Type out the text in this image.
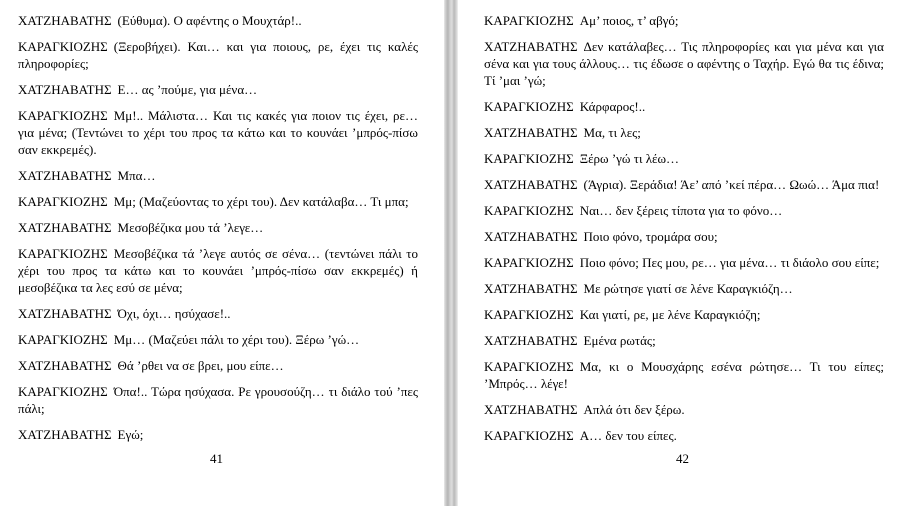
ΧΑΤΖΗΑΒΑΤΗΣ (Εύθυμα). Ο αφέντης ο Μουχτάρ!..

ΚΑΡΑΓΚΙΟΖΗΣ (Ξεροβήχει). Και… και για ποιους, ρε, έχει τις καλές πληροφορίες;

ΧΑΤΖΗΑΒΑΤΗΣ Ε… ας ’πούμε, για μένα…

ΚΑΡΑΓΚΙΟΖΗΣ Μμ!.. Μάλιστα… Και τις κακές για ποιον τις έχει, ρε… για μένα; (Τεντώνει το χέρι του προς τα κάτω και το κουνάει ’μπρός-πίσω σαν εκκρεμές).

ΧΑΤΖΗΑΒΑΤΗΣ Μπα…

ΚΑΡΑΓΚΙΟΖΗΣ Μμ; (Μαζεύοντας το χέρι του). Δεν κατάλαβα… Τι μπα;

ΧΑΤΖΗΑΒΑΤΗΣ Μεσοβέζικα μου τά ’λεγε…

ΚΑΡΑΓΚΙΟΖΗΣ Μεσοβέζικα τά ’λεγε αυτός σε σένα… (τεντώνει πάλι το χέρι του προς τα κάτω και το κουνάει ’μπρός-πίσω σαν εκκρεμές) ή μεσοβέζικα τα λες εσύ σε μένα;

ΧΑΤΖΗΑΒΑΤΗΣ Όχι, όχι… ησύχασε!..

ΚΑΡΑΓΚΙΟΖΗΣ Μμ… (Μαζεύει πάλι το χέρι του). Ξέρω ’γώ…

ΧΑΤΖΗΑΒΑΤΗΣ Θά ’ρθει να σε βρει, μου είπε…

ΚΑΡΑΓΚΙΟΖΗΣ Όπα!.. Τώρα ησύχασα. Ρε γρουσούζη… τι διάλο τού ’πες πάλι;

ΧΑΤΖΗΑΒΑΤΗΣ Εγώ;

41

ΚΑΡΑΓΚΙΟΖΗΣ Αμ’ ποιος, τ’ αβγό;

ΧΑΤΖΗΑΒΑΤΗΣ Δεν κατάλαβες… Τις πληροφορίες και για μένα και για σένα και για τους άλλους… τις έδωσε ο αφέντης ο Ταχήρ. Εγώ θα τις έδινα; Τί ’μαι ’γώ;

ΚΑΡΑΓΚΙΟΖΗΣ Κάρφαρος!..

ΧΑΤΖΗΑΒΑΤΗΣ Μα, τι λες;

ΚΑΡΑΓΚΙΟΖΗΣ Ξέρω ’γώ τι λέω…

ΧΑΤΖΗΑΒΑΤΗΣ (Άγρια). Ξεράδια! Άε’ από ’κεί πέρα… Ωωώ… Άμα πια!

ΚΑΡΑΓΚΙΟΖΗΣ Ναι… δεν ξέρεις τίποτα για το φόνο…

ΧΑΤΖΗΑΒΑΤΗΣ Ποιο φόνο, τρομάρα σου;

ΚΑΡΑΓΚΙΟΖΗΣ Ποιο φόνο; Πες μου, ρε… για μένα… τι διάολο σου είπε;

ΧΑΤΖΗΑΒΑΤΗΣ Με ρώτησε γιατί σε λένε Καραγκιόζη…

ΚΑΡΑΓΚΙΟΖΗΣ Και γιατί, ρε, με λένε Καραγκιόζη;

ΧΑΤΖΗΑΒΑΤΗΣ Εμένα ρωτάς;

ΚΑΡΑΓΚΙΟΖΗΣ Μα, κι ο Μουσχάρης εσένα ρώτησε… Τι του είπες; ’Μπρός… λέγε!

ΧΑΤΖΗΑΒΑΤΗΣ Απλά ότι δεν ξέρω.

ΚΑΡΑΓΚΙΟΖΗΣ Α… δεν του είπες.

42
